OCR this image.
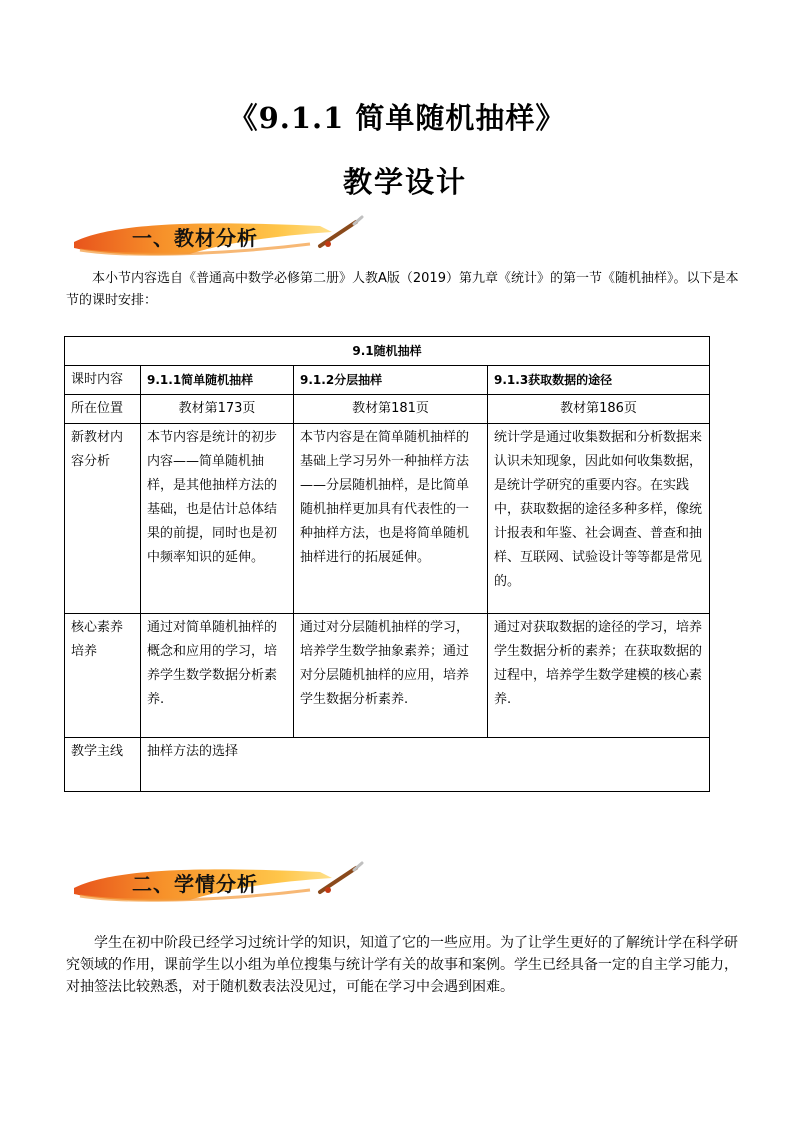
《9.1.1 简单随机抽样》
教学设计
一、教材分析

本小节内容选自《普通高中数学必修第二册》人教A版（2019）第九章《统计》的第一节《随机抽样》。以下是本节的课时安排：

9.1随机抽样			
课时内容	9.1.1简单随机抽样	9.1.2分层抽样	9.1.3获取数据的途径
所在位置	教材第173页	教材第181页	教材第186页
新教材内容分析	本节内容是统计的初步内容——简单随机抽样，是其他抽样方法的基础，也是估计总体结果的前提，同时也是初中频率知识的延伸。	本节内容是在简单随机抽样的基础上学习另外一种抽样方法——分层随机抽样，是比简单随机抽样更加具有代表性的一种抽样方法，也是将简单随机抽样进行的拓展延伸。	统计学是通过收集数据和分析数据来认识未知现象，因此如何收集数据，是统计学研究的重要内容。在实践中，获取数据的途径多种多样，像统计报表和年鉴、社会调查、普查和抽样、互联网、试验设计等等都是常见的。
核心素养培养	通过对简单随机抽样的概念和应用的学习，培养学生数学数据分析素养.	通过对分层随机抽样的学习，培养学生数学抽象素养；通过对分层随机抽样的应用，培养学生数据分析素养.	通过对获取数据的途径的学习，培养学生数据分析的素养；在获取数据的过程中，培养学生数学建模的核心素养.
教学主线	抽样方法的选择		
二、学情分析

学生在初中阶段已经学习过统计学的知识，知道了它的一些应用。为了让学生更好的了解统计学在科学研究领域的作用，课前学生以小组为单位搜集与统计学有关的故事和案例。学生已经具备一定的自主学习能力，对抽签法比较熟悉，对于随机数表法没见过，可能在学习中会遇到困难。
